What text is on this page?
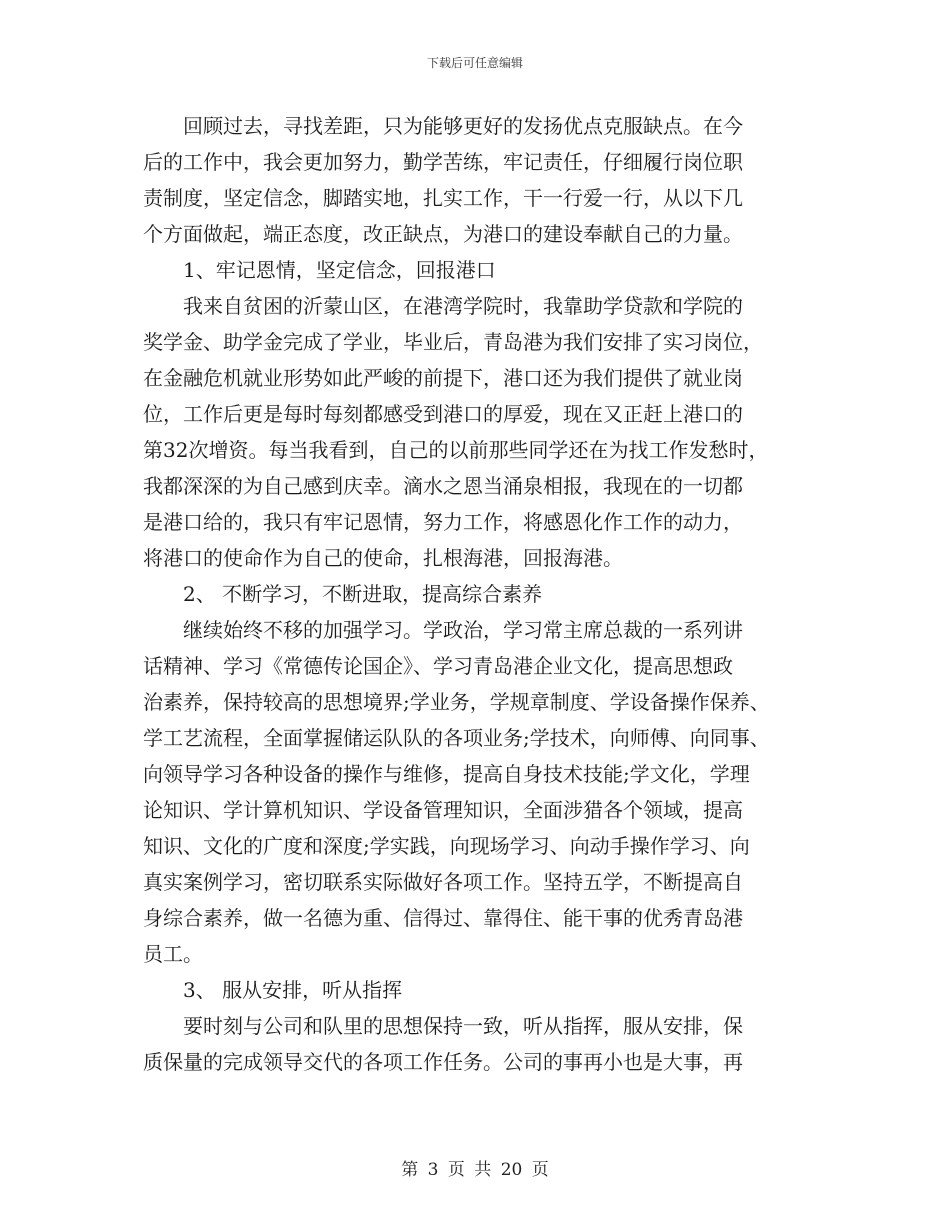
下载后可任意编辑

　　回顾过去，寻找差距，只为能够更好的发扬优点克服缺点。在今

后的工作中，我会更加努力，勤学苦练，牢记责任，仔细履行岗位职

责制度，坚定信念，脚踏实地，扎实工作，干一行爱一行，从以下几

个方面做起，端正态度，改正缺点，为港口的建设奉献自己的力量。

　　1、牢记恩情，坚定信念，回报港口

　　我来自贫困的沂蒙山区，在港湾学院时，我靠助学贷款和学院的

奖学金、助学金完成了学业，毕业后，青岛港为我们安排了实习岗位，

在金融危机就业形势如此严峻的前提下，港口还为我们提供了就业岗

位，工作后更是每时每刻都感受到港口的厚爱，现在又正赶上港口的

第32次增资。每当我看到，自己的以前那些同学还在为找工作发愁时，

我都深深的为自己感到庆幸。滴水之恩当涌泉相报，我现在的一切都

是港口给的，我只有牢记恩情，努力工作，将感恩化作工作的动力，

将港口的使命作为自己的使命，扎根海港，回报海港。

　　2、 不断学习，不断进取，提高综合素养

　　继续始终不移的加强学习。学政治，学习常主席总裁的一系列讲

话精神、学习《常德传论国企》、学习青岛港企业文化，提高思想政

治素养，保持较高的思想境界;学业务，学规章制度、学设备操作保养、

学工艺流程，全面掌握储运队队的各项业务;学技术，向师傅、向同事、

向领导学习各种设备的操作与维修，提高自身技术技能;学文化，学理

论知识、学计算机知识、学设备管理知识，全面涉猎各个领域，提高

知识、文化的广度和深度;学实践，向现场学习、向动手操作学习、向

真实案例学习，密切联系实际做好各项工作。坚持五学，不断提高自

身综合素养，做一名德为重、信得过、靠得住、能干事的优秀青岛港

员工。

　　3、 服从安排，听从指挥

　　要时刻与公司和队里的思想保持一致，听从指挥，服从安排，保

质保量的完成领导交代的各项工作任务。公司的事再小也是大事，再

第 3 页 共 20 页
